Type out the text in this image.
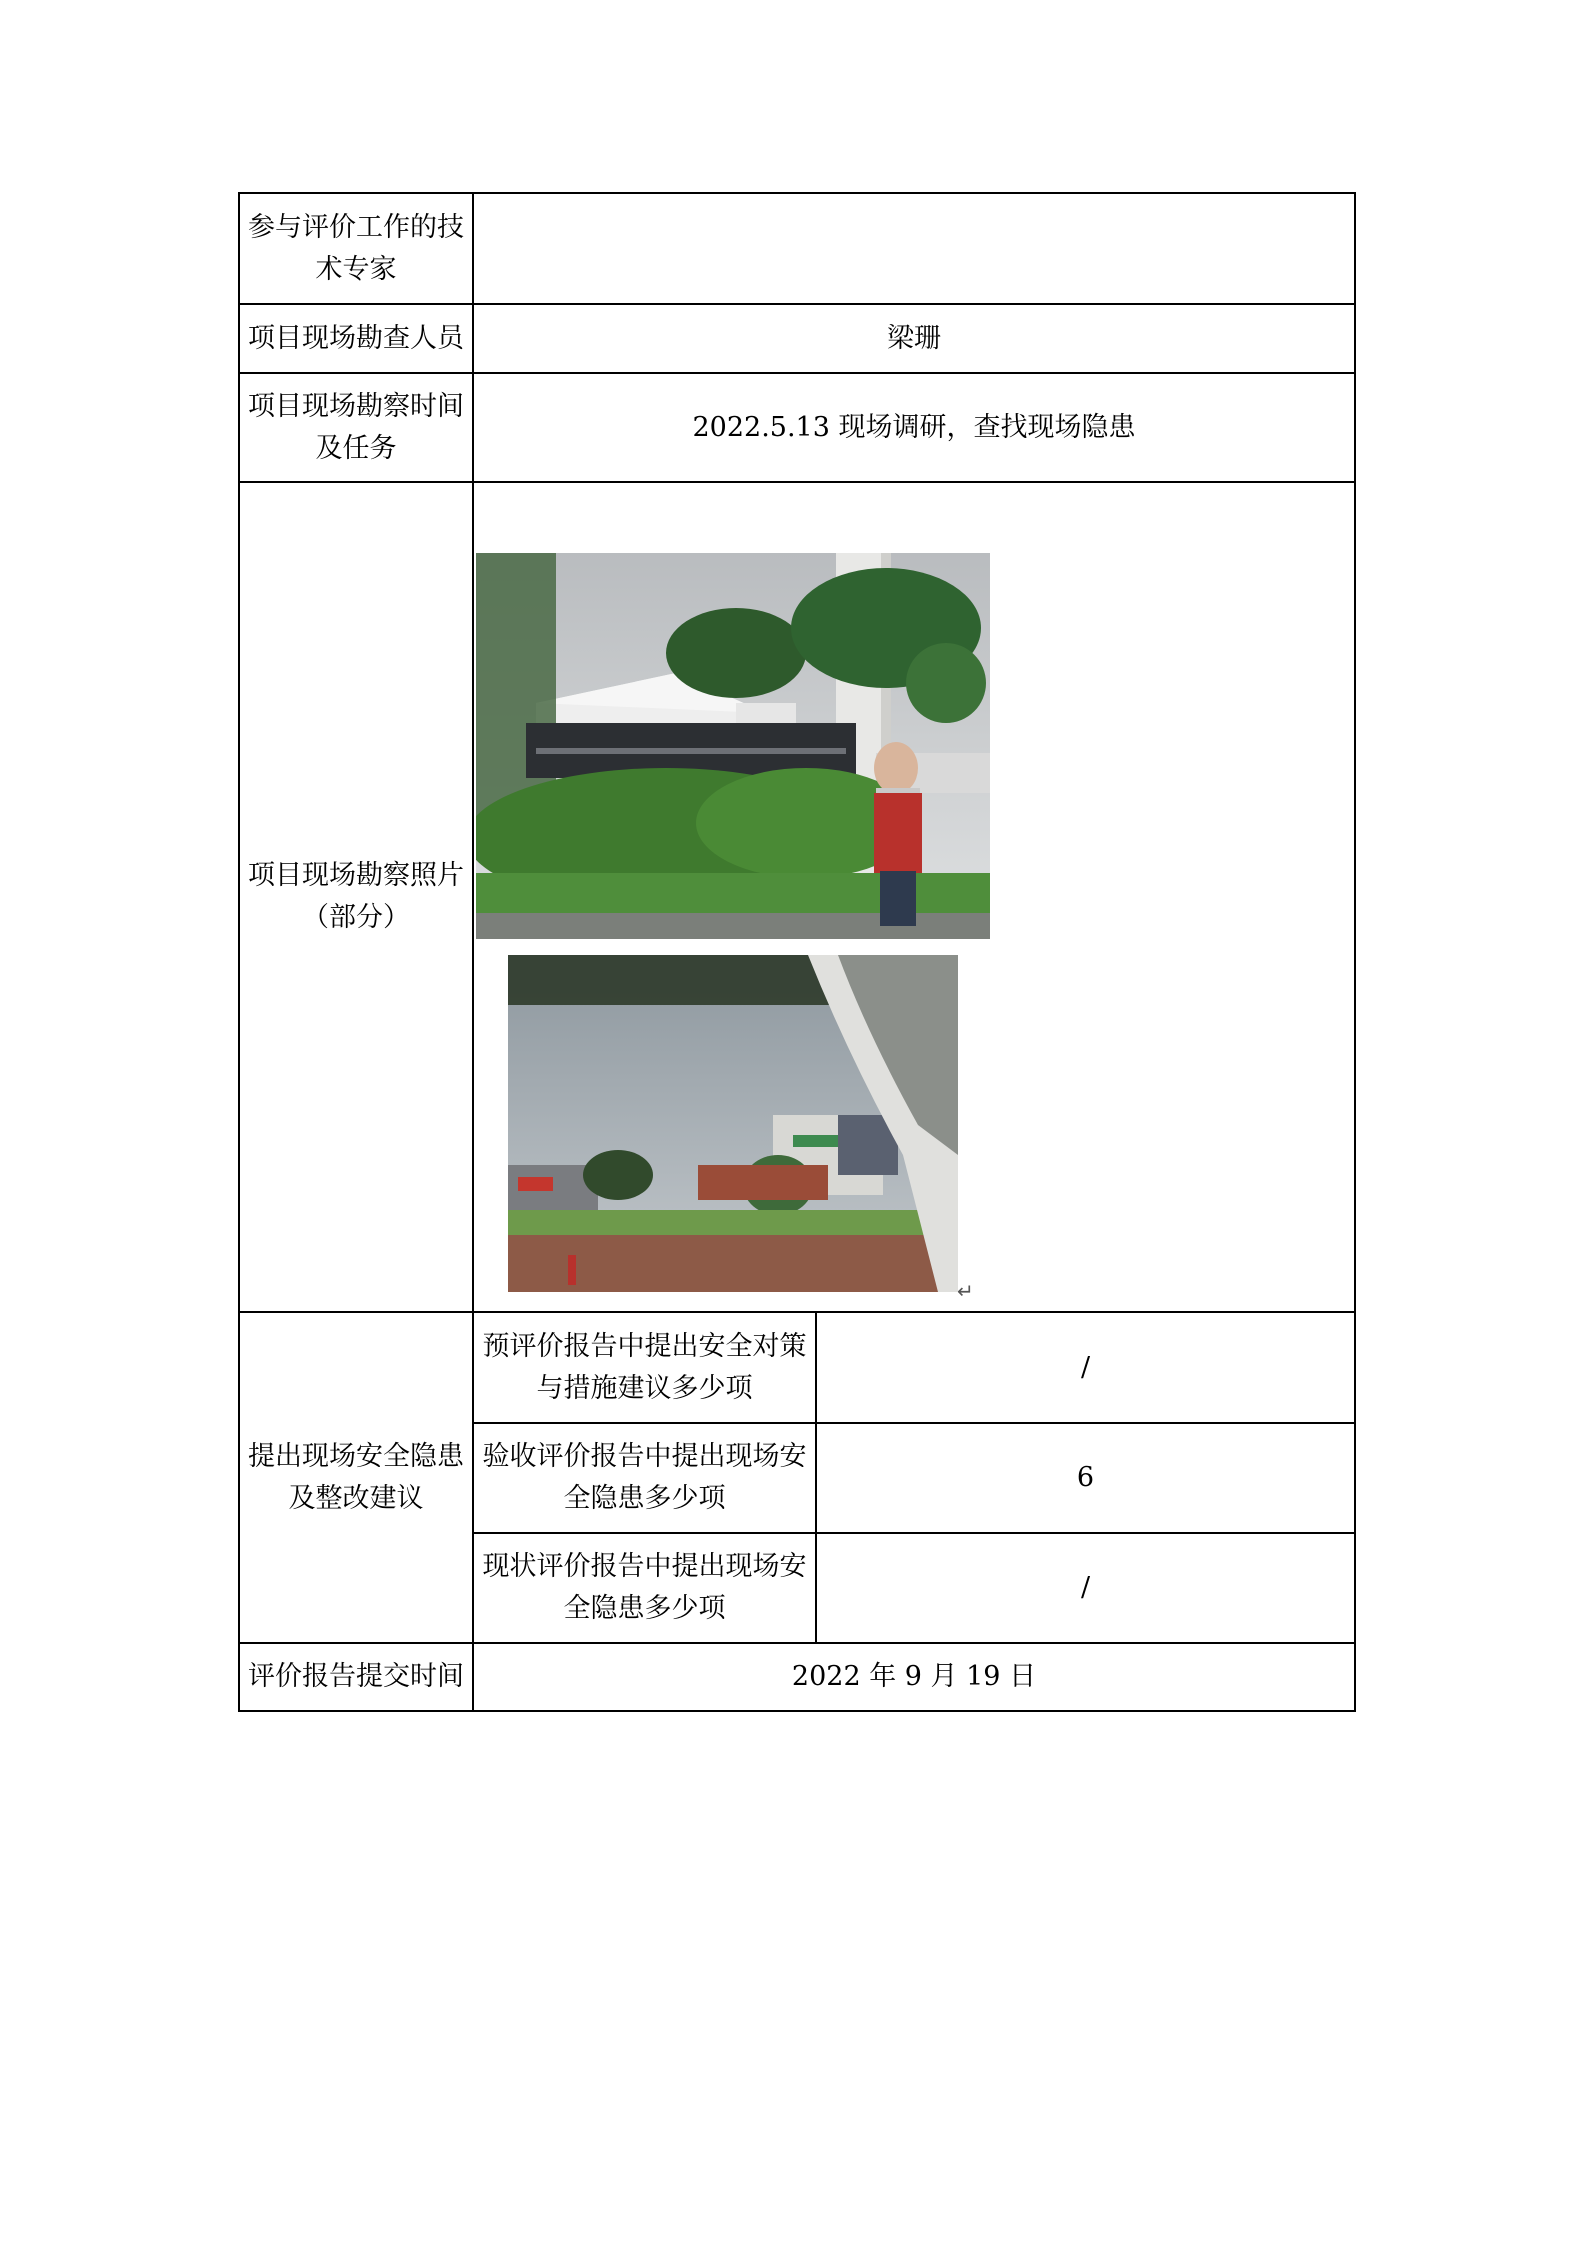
参与评价工作的技术专家		

项目现场勘查人员	梁珊	
项目现场勘察时间及任务	2022.5.13 现场调研，查找现场隐患	
项目现场勘察照片（部分）	↵	

提出现场安全隐患及整改建议	预评价报告中提出安全对策与措施建议多少项	/
	验收评价报告中提出现场安全隐患多少项	6
	现状评价报告中提出现场安全隐患多少项	/
评价报告提交时间	2022 年 9 月 19 日	
